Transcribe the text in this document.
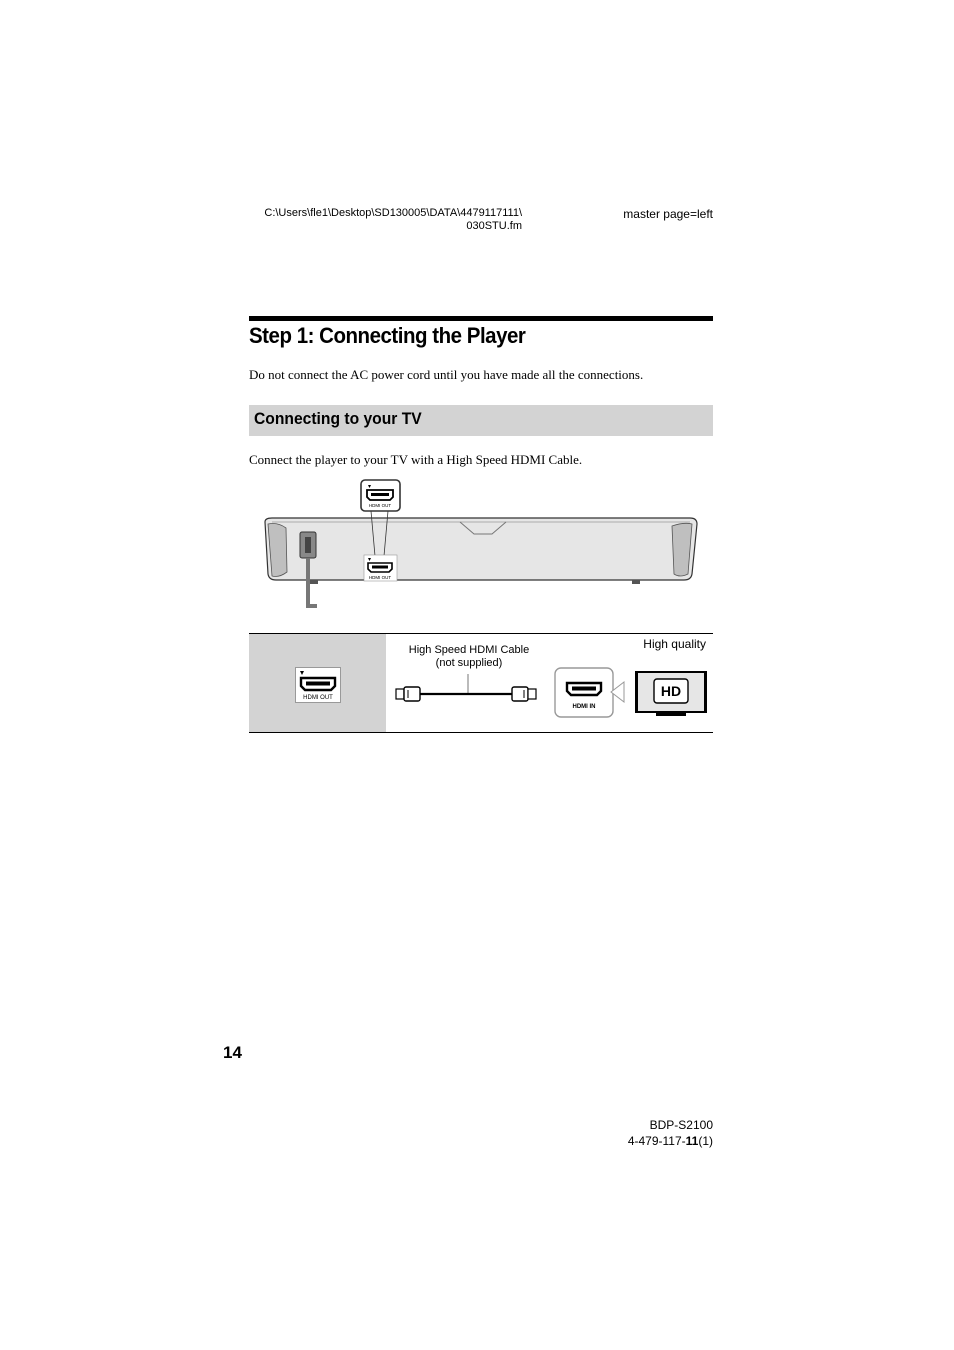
C:\Users\fle1\Desktop\SD130005\DATA\4479117111\
030STU.fm
master page=left
Step 1: Connecting the Player
Do not connect the AC power cord until you have made all the connections.
Connecting to your TV
Connect the player to your TV with a High Speed HDMI Cable.
HDMI OUT
HDMI OUT
HDMI OUT
High Speed HDMI Cable
(not supplied)
High quality
HDMI IN
HD
14
BDP-S2100
4-479-117-11(1)
